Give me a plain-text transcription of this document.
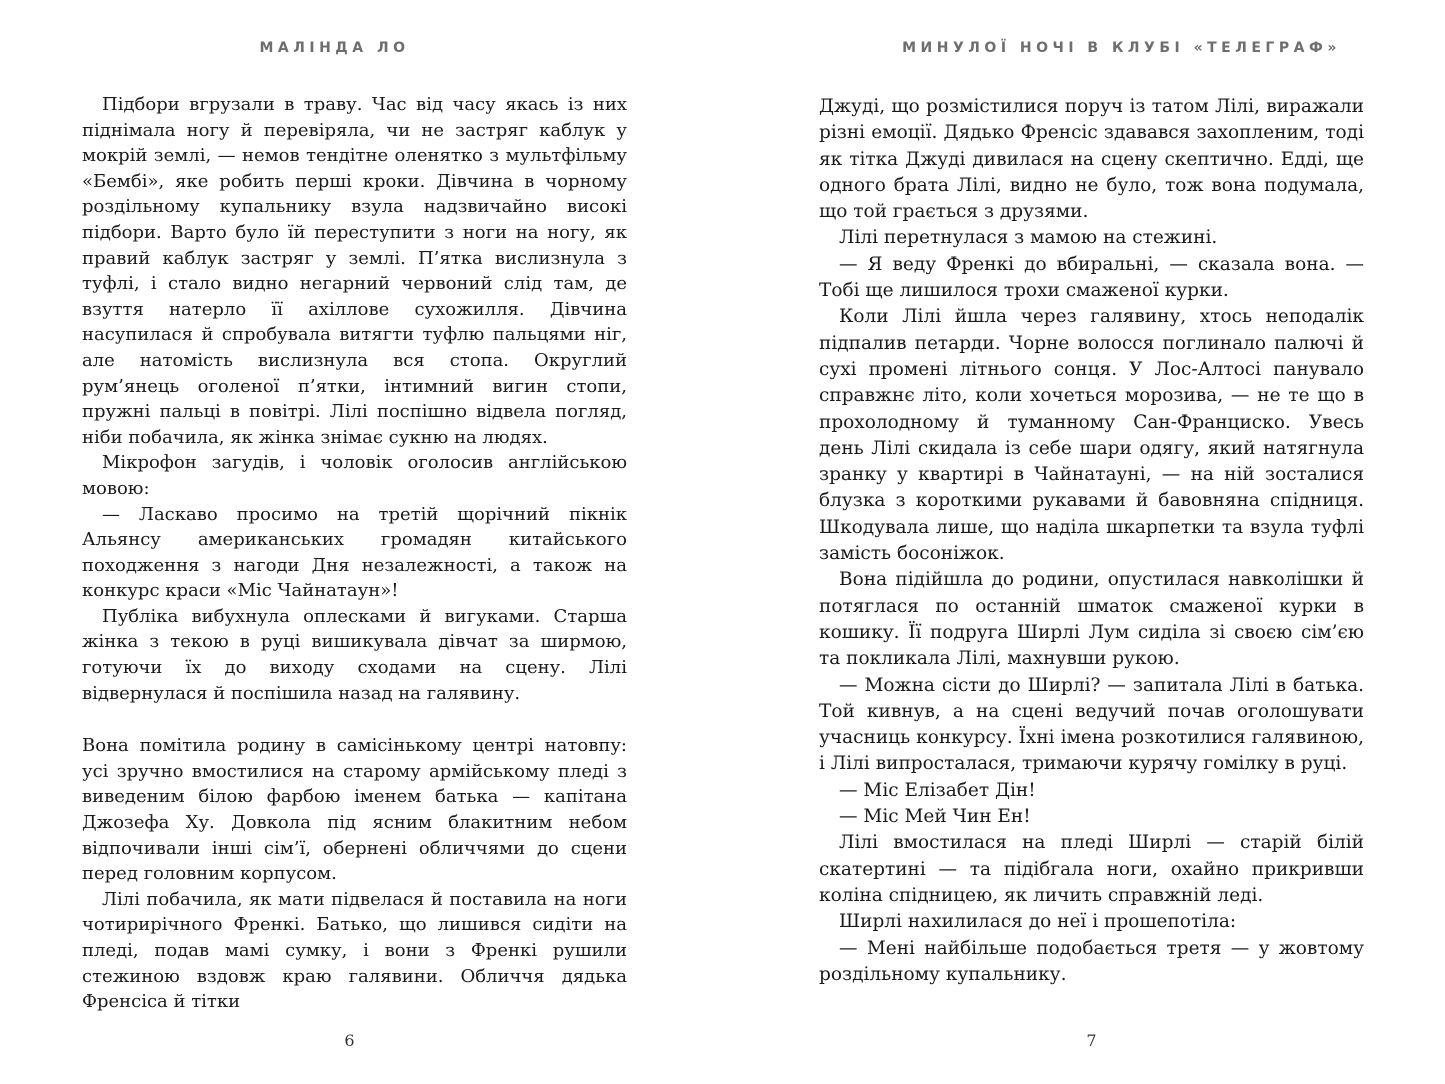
МАЛІНДА ЛО

Підбори вгрузали в траву. Час від часу якась із них піднімала ногу й перевіряла, чи не застряг каблук у мокрій землі, — немов тендітне оленятко з мультфільму «Бембі», яке робить перші кроки. Дівчина в чорному роздільному купальнику взула надзвичайно високі підбори. Варто було їй переступити з ноги на ногу, як правий каблук застряг у землі. П’ятка вислизнула з туфлі, і стало видно негарний червоний слід там, де взуття натерло її ахіллове сухожилля. Дівчина насупилася й спробувала витягти туфлю пальцями ніг, але натомість вислизнула вся стопа. Округлий рум’янець оголеної п’ятки, інтимний вигин стопи, пружні пальці в повітрі. Лілі поспішно відвела погляд, ніби побачила, як жінка знімає сукню на людях.

Мікрофон загудів, і чоловік оголосив англійською мовою:

— Ласкаво просимо на третій щорічний пікнік Альянсу американських громадян китайського походження з нагоди Дня незалежності, а також на конкурс краси «Міс Чайнатаун»!

Публіка вибухнула оплесками й вигуками. Старша жінка з текою в руці вишикувала дівчат за ширмою, готуючи їх до виходу сходами на сцену. Лілі відвернулася й поспішила назад на галявину.

Вона помітила родину в самісінькому центрі натовпу: усі зручно вмостилися на старому армійському пледі з виведеним білою фарбою іменем батька — капітана Джозефа Ху. Довкола під ясним блакитним небом відпочивали інші сім’ї, обернені обличчями до сцени перед головним корпусом.

Лілі побачила, як мати підвелася й поставила на ноги чотирирічного Френкі. Батько, що лишився сидіти на пледі, подав мамі сумку, і вони з Френкі рушили стежиною вздовж краю галявини. Обличчя дядька Френсіса й тітки

6
МИНУЛОЇ НОЧІ В КЛУБІ «ТЕЛЕГРАФ»

Джуді, що розмістилися поруч із татом Лілі, виражали різні емоції. Дядько Френсіс здавався захопленим, тоді як тітка Джуді дивилася на сцену скептично. Едді, ще одного брата Лілі, видно не було, тож вона подумала, що той грається з друзями.

Лілі перетнулася з мамою на стежині.

— Я веду Френкі до вбиральні, — сказала вона. — Тобі ще лишилося трохи смаженої курки.

Коли Лілі йшла через галявину, хтось неподалік підпалив петарди. Чорне волосся поглинало палючі й сухі промені літнього сонця. У Лос-Алтосі панувало справжнє літо, коли хочеться морозива, — не те що в прохолодному й туманному Сан-Франциско. Увесь день Лілі скидала із себе шари одягу, який натягнула зранку у квартирі в Чайнатауні, — на ній зосталися блузка з короткими рукавами й бавовняна спідниця. Шкодувала лише, що наділа шкарпетки та взула туфлі замість босоніжок.

Вона підійшла до родини, опустилася навколішки й потяглася по останній шматок смаженої курки в кошику. Її подруга Ширлі Лум сиділа зі своєю сім’єю та покликала Лілі, махнувши рукою.

— Можна сісти до Ширлі? — запитала Лілі в батька. Той кивнув, а на сцені ведучий почав оголошувати учасниць конкурсу. Їхні імена розкотилися галявиною, і Лілі випросталася, тримаючи курячу гомілку в руці.

— Міс Елізабет Дін!

— Міс Мей Чин Ен!

Лілі вмостилася на пледі Ширлі — старій білій скатертині — та підібгала ноги, охайно прикривши коліна спідницею, як личить справжній леді.

Ширлі нахилилася до неї і прошепотіла:

— Мені найбільше подобається третя — у жовтому роздільному купальнику.

7
